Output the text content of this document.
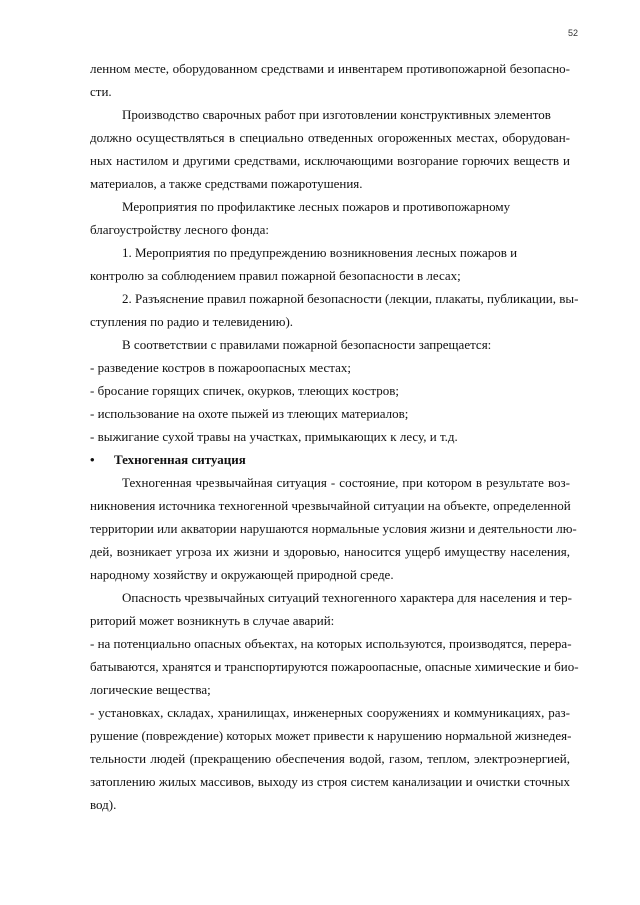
52

ленном месте, оборудованном средствами и инвентарем противопожарной безопасно-

сти.

Производство сварочных работ при изготовлении конструктивных элементов

должно осуществляться в специально отведенных огороженных местах, оборудован-

ных настилом и другими средствами, исключающими возгорание горючих веществ и

материалов, а также средствами пожаротушения.

Мероприятия по профилактике лесных пожаров и противопожарному

благоустройству лесного фонда:

1. Мероприятия по предупреждению возникновения лесных пожаров и

контролю за соблюдением правил пожарной безопасности в лесах;

2. Разъяснение правил пожарной безопасности (лекции, плакаты, публикации, вы-

ступления по радио и телевидению).

В соответствии с правилами пожарной безопасности запрещается:

- разведение костров в пожароопасных местах;

- бросание горящих спичек, окурков, тлеющих костров;

- использование на охоте пыжей из тлеющих материалов;

- выжигание сухой травы на участках, примыкающих к лесу, и т.д.

• Техногенная ситуация

Техногенная чрезвычайная ситуация - состояние, при котором в результате воз-

никновения источника техногенной чрезвычайной ситуации на объекте, определенной

территории или акватории нарушаются нормальные условия жизни и деятельности лю-

дей, возникает угроза их жизни и здоровью, наносится ущерб имуществу населения,

народному хозяйству и окружающей природной среде.

Опасность чрезвычайных ситуаций техногенного характера для населения и тер-

риторий может возникнуть в случае аварий:

- на потенциально опасных объектах, на которых используются, производятся, перера-

батываются, хранятся и транспортируются пожароопасные, опасные химические и био-

логические вещества;

- установках, складах, хранилищах, инженерных сооружениях и коммуникациях, раз-

рушение (повреждение) которых может привести к нарушению нормальной жизнедея-

тельности людей (прекращению обеспечения водой, газом, теплом, электроэнергией,

затоплению жилых массивов, выходу из строя систем канализации и очистки сточных

вод).
